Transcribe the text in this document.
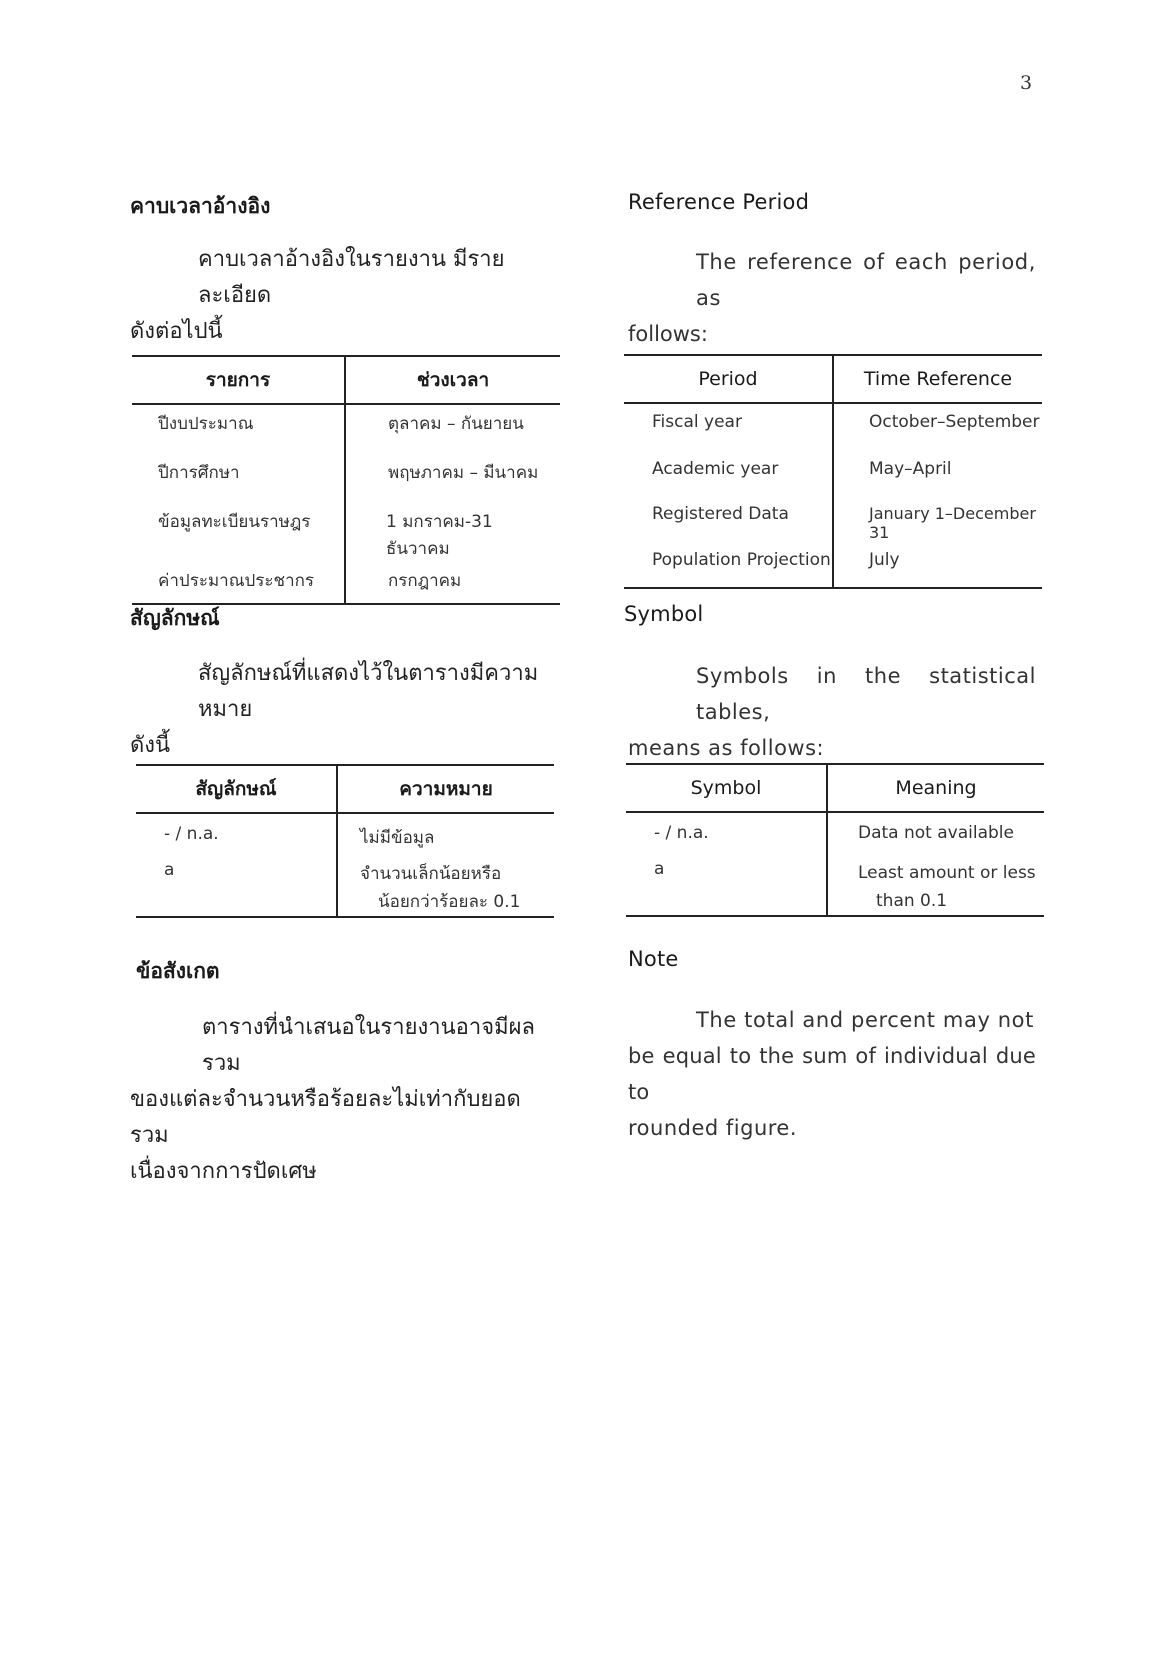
3
คาบเวลาอ้างอิง
คาบเวลาอ้างอิงในรายงาน มีรายละเอียด
ดังต่อไปนี้
รายการ	ช่วงเวลา
ปีงบประมาณ	ตุลาคม – กันยายน
ปีการศึกษา	พฤษภาคม – มีนาคม
ข้อมูลทะเบียนราษฎร	1 มกราคม-31 ธันวาคม
ค่าประมาณประชากร	กรกฎาคม
สัญลักษณ์
สัญลักษณ์ที่แสดงไว้ในตารางมีความหมาย
ดังนี้
สัญลักษณ์	ความหมาย
- / n.a.	ไม่มีข้อมูล
a	จำนวนเล็กน้อยหรือ
น้อยกว่าร้อยละ 0.1
ข้อสังเกต
ตารางที่นำเสนอในรายงานอาจมีผลรวม
ของแต่ละจำนวนหรือร้อยละไม่เท่ากับยอดรวม
เนื่องจากการปัดเศษ
Reference Period
The reference of each period, as
follows:
Period	Time Reference
Fiscal year	October–September
Academic year	May–April
Registered Data	January 1–December 31
Population Projection	July
Symbol
Symbols in the statistical tables,
means as follows:
Symbol	Meaning
- / n.a.	Data not available
a	Least amount or less
than 0.1
Note
The total and percent may not
be equal to the sum of individual due to
rounded figure.
